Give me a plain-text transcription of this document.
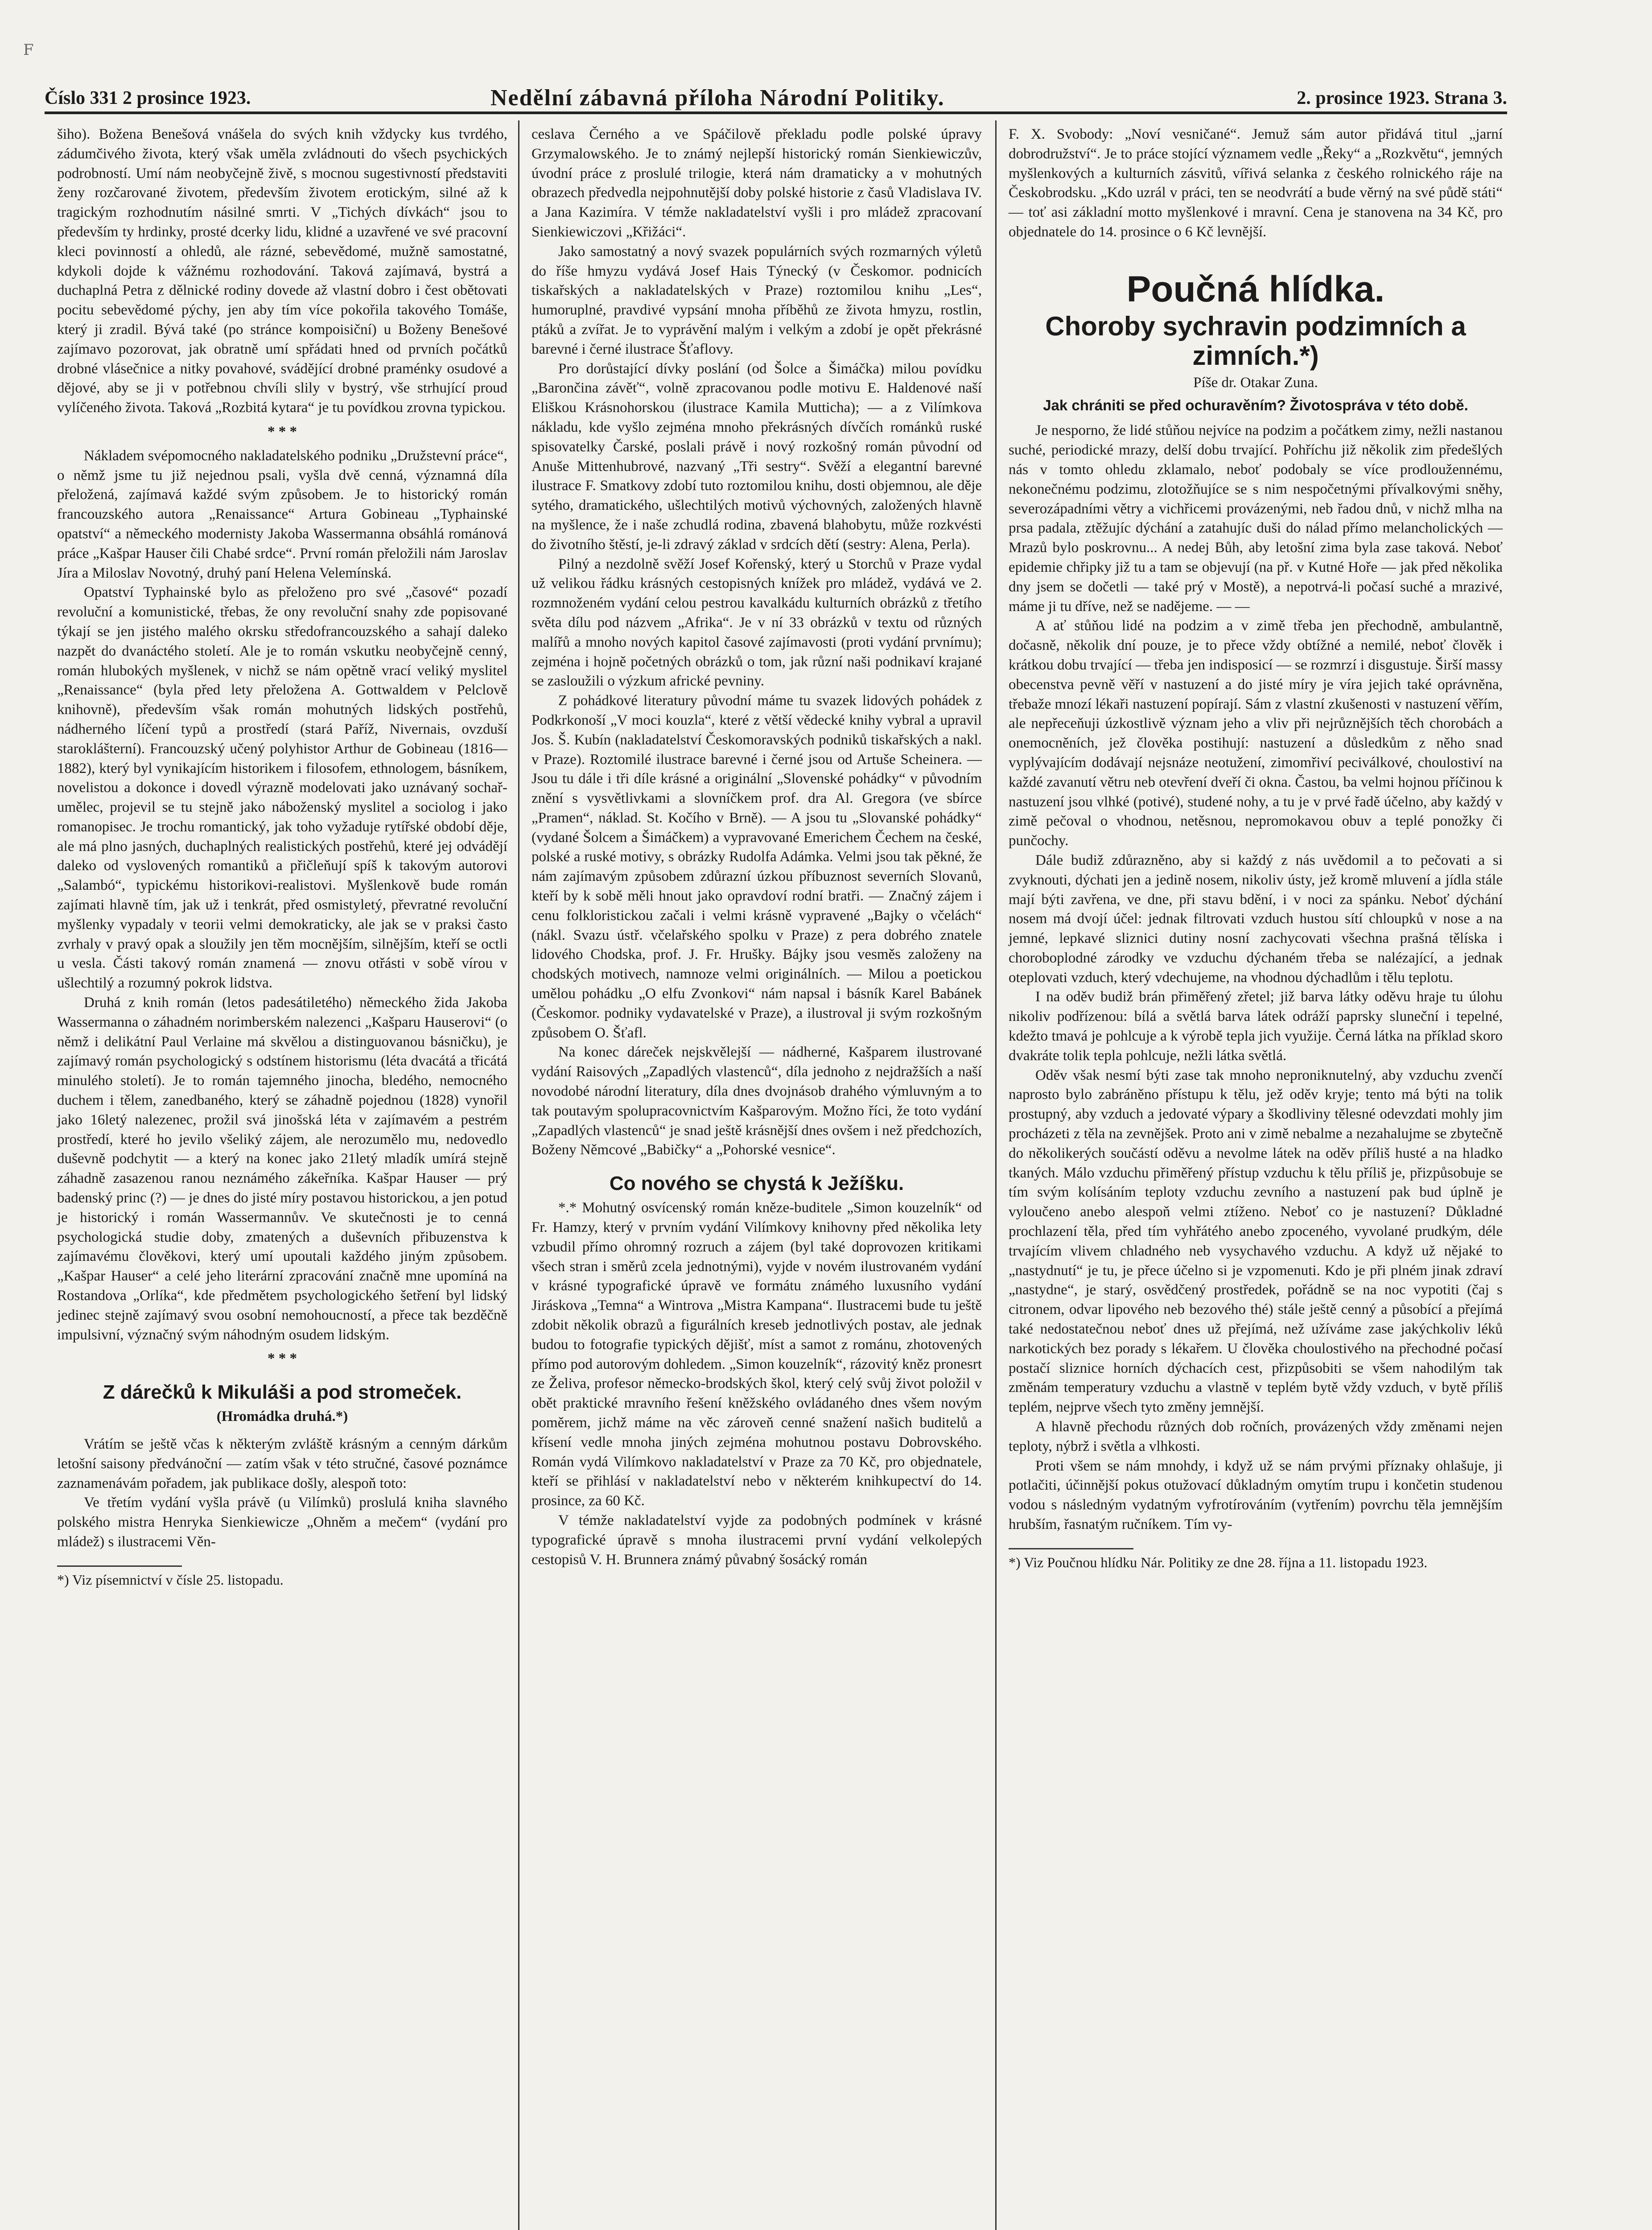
F
Číslo 331 2 prosince 1923.	Nedělní zábavná příloha Národní Politiky.	2. prosince 1923. Strana 3.

šiho). Božena Benešová vnášela do svých knih vždycky kus tvrdého, zádumčivého života, který však uměla zvládnouti do všech psychických podrobností. Umí nám neobyčejně živě, s mocnou sugestivností představiti ženy rozčarované životem, především životem erotickým, silné až k tragickým rozhodnutím násilné smrti. V „Tichých dívkách“ jsou to především ty hrdinky, prosté dcerky lidu, klidné a uzavřené ve své pracovní kleci povinností a ohledů, ale rázné, sebevědomé, mužně samostatné, kdykoli dojde k vážnému rozhodování. Taková zajímavá, bystrá a duchaplná Petra z dělnické rodiny dovede až vlastní dobro i čest obětovati pocitu sebevědomé pýchy, jen aby tím více pokořila takového Tomáše, který ji zradil. Bývá také (po stránce kompoisiční) u Boženy Benešové zajímavo pozorovat, jak obratně umí spřádati hned od prvních počátků drobné vlásečnice a nitky povahové, svádějící drobné praménky osudové a dějové, aby se ji v potřebnou chvíli slily v bystrý, vše strhující proud vylíčeného života. Taková „Rozbitá kytara“ je tu povídkou zrovna typickou.

* * *

Nákladem svépomocného nakladatelského podniku „Družstevní práce“, o němž jsme tu již nejednou psali, vyšla dvě cenná, významná díla přeložená, zajímavá každé svým způsobem. Je to historický román francouzského autora „Renaissance“ Artura Gobineau „Typhainské opatství“ a německého modernisty Jakoba Wassermanna obsáhlá románová práce „Kašpar Hauser čili Chabé srdce“. První román přeložili nám Jaroslav Jíra a Miloslav Novotný, druhý paní Helena Velemínská.

Opatství Typhainské bylo as přeloženo pro své „časové“ pozadí revoluční a komunistické, třebas, že ony revoluční snahy zde popisované týkají se jen jistého malého okrsku středofrancouzského a sahají daleko nazpět do dvanáctého století. Ale je to román vskutku neobyčejně cenný, román hlubokých myšlenek, v nichž se nám opětně vrací veliký myslitel „Renaissance“ (byla před lety přeložena A. Gottwaldem v Pelclově knihovně), především však román mohutných lidských postřehů, nádherného líčení typů a prostředí (stará Paříž, Nivernais, ovzduší staroklášterní). Francouzský učený polyhistor Arthur de Gobineau (1816—1882), který byl vynikajícím historikem i filosofem, ethnologem, básníkem, novelistou a dokonce i dovedl výrazně modelovati jako uznávaný sochař-umělec, projevil se tu stejně jako náboženský myslitel a sociolog i jako romanopisec. Je trochu romantický, jak toho vyžaduje rytířské období děje, ale má plno jasných, duchaplných realistických postřehů, které jej odvádějí daleko od vyslovených romantiků a přičleňují spíš k takovým autorovi „Salambó“, typickému historikovi-realistovi. Myšlenkově bude román zajímati hlavně tím, jak už i tenkrát, před osmistyletý, převratné revoluční myšlenky vypadaly v teorii velmi demokraticky, ale jak se v praksi často zvrhaly v pravý opak a sloužily jen těm mocnějším, silnějším, kteří se octli u vesla. Části takový román znamená — znovu otřásti v sobě vírou v ušlechtilý a rozumný pokrok lidstva.

Druhá z knih román (letos padesátiletého) německého žida Jakoba Wassermanna o záhadném norimberském nalezenci „Kašparu Hauserovi“ (o němž i delikátní Paul Verlaine má skvělou a distinguovanou básničku), je zajímavý román psychologický s odstínem historismu (léta dvacátá a třicátá minulého století). Je to román tajemného jinocha, bledého, nemocného duchem i tělem, zanedbaného, který se záhadně pojednou (1828) vynořil jako 16letý nalezenec, prožil svá jinošská léta v zajímavém a pestrém prostředí, které ho jevilo všeliký zájem, ale nerozumělo mu, nedovedlo duševně podchytit — a který na konec jako 21letý mladík umírá stejně záhadně zasazenou ranou neznámého zákeřníka. Kašpar Hauser — prý badenský princ (?) — je dnes do jisté míry postavou historickou, a jen potud je historický i román Wassermannův. Ve skutečnosti je to cenná psychologická studie doby, zmatených a duševních přibuzenstva k zajímavému člověkovi, který umí upoutali každého jiným způsobem. „Kašpar Hauser“ a celé jeho literární zpracování značně mne upomíná na Rostandova „Orlíka“, kde předmětem psychologického šetření byl lidský jedinec stejně zajímavý svou osobní nemohoucností, a přece tak bezděčně impulsivní, význačný svým náhodným osudem lidským.

* * *
Z dárečků k Mikuláši a pod stromeček.
(Hromádka druhá.*)

Vrátím se ještě včas k některým zvláště krásným a cenným dárkům letošní saisony předvánoční — zatím však v této stručné, časové poznámce zaznamenávám pořadem, jak publikace došly, alespoň toto:

Ve třetím vydání vyšla právě (u Vilímků) proslulá kniha slavného polského mistra Henryka Sienkiewicze „Ohněm a mečem“ (vydání pro mládež) s ilustracemi Věn-

*) Viz písemnictví v čísle 25. listopadu.

ceslava Černého a ve Spáčilově překladu podle polské úpravy Grzymalowského. Je to známý nejlepší historický román Sienkiewiczův, úvodní práce z proslulé trilogie, která nám dramaticky a v mohutných obrazech předvedla nejpohnutější doby polské historie z časů Vladislava IV. a Jana Kazimíra. V témže nakladatelství vyšli i pro mládež zpracovaní Sienkiewiczovi „Křižáci“.

Jako samostatný a nový svazek populárních svých rozmarných výletů do říše hmyzu vydává Josef Hais Týnecký (v Českomor. podnicích tiskařských a nakladatelských v Praze) roztomilou knihu „Les“, humoruplné, pravdivé vypsání mnoha příběhů ze života hmyzu, rostlin, ptáků a zvířat. Je to vyprávění malým i velkým a zdobí je opět překrásné barevné i černé ilustrace Šťaflovy.

Pro dorůstající dívky poslání (od Šolce a Šimáčka) milou povídku „Barončina závěť“, volně zpracovanou podle motivu E. Haldenové naší Eliškou Krásnohorskou (ilustrace Kamila Mutticha); — a z Vilímkova nákladu, kde vyšlo zejména mnoho překrásných dívčích románků ruské spisovatelky Čarské, poslali právě i nový rozkošný román původní od Anuše Mittenhubrové, nazvaný „Tři sestry“. Svěží a elegantní barevné ilustrace F. Smatkovy zdobí tuto roztomilou knihu, dosti objemnou, ale děje sytého, dramatického, ušlechtilých motivů výchovných, založených hlavně na myšlence, že i naše zchudlá rodina, zbavená blahobytu, může rozkvésti do životního štěstí, je-li zdravý základ v srdcích dětí (sestry: Alena, Perla).

Pilný a nezdolně svěží Josef Kořenský, který u Storchů v Praze vydal už velikou řádku krásných cestopisných knížek pro mládež, vydává ve 2. rozmnoženém vydání celou pestrou kavalkádu kulturních obrázků z třetího světa dílu pod názvem „Afrika“. Je v ní 33 obrázků v textu od různých malířů a mnoho nových kapitol časové zajímavosti (proti vydání prvnímu); zejména i hojně početných obrázků o tom, jak různí naši podnikaví krajané se zasloužili o výzkum africké pevniny.

Z pohádkové literatury původní máme tu svazek lidových pohádek z Podkrkonoší „V moci kouzla“, které z větší vědecké knihy vybral a upravil Jos. Š. Kubín (nakladatelství Českomoravských podniků tiskařských a nakl. v Praze). Roztomilé ilustrace barevné i černé jsou od Artuše Scheinera. — Jsou tu dále i tři díle krásné a originální „Slovenské pohádky“ v původním znění s vysvětlivkami a slovníčkem prof. dra Al. Gregora (ve sbírce „Pramen“, náklad. St. Kočího v Brně). — A jsou tu „Slovanské pohádky“ (vydané Šolcem a Šimáčkem) a vypravované Emerichem Čechem na české, polské a ruské motivy, s obrázky Rudolfa Adámka. Velmi jsou tak pěkné, že nám zajímavým způsobem zdůrazní úzkou příbuznost severních Slovanů, kteří by k sobě měli hnout jako opravdoví rodní bratři. — Značný zájem i cenu folkloristickou začali i velmi krásně vypravené „Bajky o včelách“ (nákl. Svazu ústř. včelařského spolku v Praze) z pera dobrého znatele lidového Chodska, prof. J. Fr. Hrušky. Bájky jsou vesměs založeny na chodských motivech, namnoze velmi originálních. — Milou a poetickou umělou pohádku „O elfu Zvonkovi“ nám napsal i básník Karel Babánek (Českomor. podniky vydavatelské v Praze), a ilustroval ji svým rozkošným způsobem O. Šťafl.

Na konec dáreček nejskvělejší — nádherné, Kašparem ilustrované vydání Raisových „Zapadlých vlastenců“, díla jednoho z nejdražších a naší novodobé národní literatury, díla dnes dvojnásob drahého výmluvným a to tak poutavým spolupracovnictvím Kašparovým. Možno říci, že toto vydání „Zapadlých vlastenců“ je snad ještě krásnější dnes ovšem i než předchozích, Boženy Němcové „Babičky“ a „Pohorské vesnice“.

Co nového se chystá k Ježíšku.

*.* Mohutný osvícenský román kněze-buditele „Simon kouzelník“ od Fr. Hamzy, který v prvním vydání Vilímkovy knihovny před několika lety vzbudil přímo ohromný rozruch a zájem (byl také doprovozen kritikami všech stran i směrů zcela jednotnými), vyjde v novém ilustrovaném vydání v krásné typografické úpravě ve formátu známého luxusního vydání Jiráskova „Temna“ a Wintrova „Mistra Kampana“. Ilustracemi bude tu ještě zdobit několik obrazů a figurálních kreseb jednotlivých postav, ale jednak budou to fotografie typických dějišť, míst a samot z románu, zhotovených přímo pod autorovým dohledem. „Simon kouzelník“, rázovitý kněz pronesrt ze Želiva, profesor německo-brodských škol, který celý svůj život položil v obět praktické mravního řešení kněžského ovládaného dnes všem novým poměrem, jichž máme na věc zároveň cenné snažení našich buditelů a křísení vedle mnoha jiných zejména mohutnou postavu Dobrovského. Román vydá Vilímkovo nakladatelství v Praze za 70 Kč, pro objednatele, kteří se přihlásí v nakladatelství nebo v některém knihkupectví do 14. prosince, za 60 Kč.

V témže nakladatelství vyjde za podobných podmínek v krásné typografické úpravě s mnoha ilustracemi první vydání velkolepých cestopisů V. H. Brunnera známý půvabný šosácký román

F. X. Svobody: „Noví vesničané“. Jemuž sám autor přidává titul „jarní dobrodružství“. Je to práce stojící významem vedle „Řeky“ a „Rozkvětu“, jemných myšlenkových a kulturních zásvitů, vířivá selanka z českého rolnického ráje na Českobrodsku. „Kdo uzrál v práci, ten se neodvrátí a bude věrný na své půdě státi“ — toť asi základní motto myšlenkové i mravní. Cena je stanovena na 34 Kč, pro objednatele do 14. prosince o 6 Kč levnější.

Poučná hlídka.
Choroby sychravin podzimních a zimních.*)
Píše dr. Otakar Zuna.
Jak chrániti se před ochuravěním? Životospráva v této době.

Je nesporno, že lidé stůňou nejvíce na podzim a počátkem zimy, nežli nastanou suché, periodické mrazy, delší dobu trvající. Pohříchu již několik zim předešlých nás v tomto ohledu zklamalo, neboť podobaly se více prodloužennému, nekonečnému podzimu, zlotožňujíce se s nim nespočetnými přívalkovými sněhy, severozápadními větry a vichřicemi provázenými, neb řadou dnů, v nichž mlha na prsa padala, ztěžujíc dýchání a zatahujíc duši do nálad přímo melancholických — Mrazů bylo poskrovnu... A nedej Bůh, aby letošní zima byla zase taková. Neboť epidemie chřipky již tu a tam se objevují (na př. v Kutné Hoře — jak před několika dny jsem se dočetli — také prý v Mostě), a nepotrvá-li počasí suché a mrazivé, máme ji tu dříve, než se nadějeme. — —

A ať stůňou lidé na podzim a v zimě třeba jen přechodně, ambulantně, dočasně, několik dní pouze, je to přece vždy obtížné a nemilé, neboť člověk i krátkou dobu trvající — třeba jen indisposicí — se rozmrzí i disgustuje. Širší massy obecenstva pevně věří v nastuzení a do jisté míry je víra jejich také oprávněna, třebaže mnozí lékaři nastuzení popírají. Sám z vlastní zkušenosti v nastuzení věřím, ale nepřeceňuji úzkostlivě význam jeho a vliv při nejrůznějších těch chorobách a onemocněních, jež člověka postihují: nastuzení a důsledkům z něho snad vyplývajícím dodávají nejsnáze neotužení, zimomřiví peciválkové, choulostiví na každé zavanutí větru neb otevření dveří či okna. Častou, ba velmi hojnou příčinou k nastuzení jsou vlhké (potivé), studené nohy, a tu je v prvé řadě účelno, aby každý v zimě pečoval o vhodnou, netěsnou, nepromokavou obuv a teplé ponožky či punčochy.

Dále budiž zdůrazněno, aby si každý z nás uvědomil a to pečovati a si zvyknouti, dýchati jen a jedině nosem, nikoliv ústy, jež kromě mluvení a jídla stále mají býti zavřena, ve dne, při stavu bdění, i v noci za spánku. Neboť dýchání nosem má dvojí účel: jednak filtrovati vzduch hustou sítí chloupků v nose a na jemné, lepkavé sliznici dutiny nosní zachycovati všechna prašná tělíska i choroboplodné zárodky ve vzduchu dýchaném třeba se nalézající, a jednak oteplovati vzduch, který vdechujeme, na vhodnou dýchadlům i tělu teplotu.

I na oděv budiž brán přiměřený zřetel; již barva látky oděvu hraje tu úlohu nikoliv podřízenou: bílá a světlá barva látek odráží paprsky sluneční i tepelné, kdežto tmavá je pohlcuje a k výrobě tepla jich využije. Černá látka na příklad skoro dvakráte tolik tepla pohlcuje, nežli látka světlá.

Oděv však nesmí býti zase tak mnoho neproniknutelný, aby vzduchu zvenčí naprosto bylo zabráněno přístupu k tělu, jež oděv kryje; tento má býti na tolik prostupný, aby vzduch a jedovaté výpary a škodliviny tělesné odevzdati mohly jim procházeti z těla na zevnějšek. Proto ani v zimě nebalme a nezahalujme se zbytečně do několikerých součástí oděvu a nevolme látek na oděv příliš husté a na hladko tkaných. Málo vzduchu přiměřený přístup vzduchu k tělu příliš je, přizpůsobuje se tím svým kolísáním teploty vzduchu zevního a nastuzení pak bud úplně je vyloučeno anebo alespoň velmi ztíženo. Neboť co je nastuzení? Důkladné prochlazení těla, před tím vyhřátého anebo zpoceného, vyvolané prudkým, déle trvajícím vlivem chladného neb vysychavého vzduchu. A když už nějaké to „nastydnutí“ je tu, je přece účelno si je vzpomenuti. Kdo je při plném jinak zdraví „nastydne“, je starý, osvědčený prostředek, pořádně se na noc vypotiti (čaj s citronem, odvar lipového neb bezového thé) stále ještě cenný a působící a přejímá také nedostatečnou neboť dnes už přejímá, než užíváme zase jakýchkoliv léků narkotických bez porady s lékařem. U člověka choulostivého na přechodné počasí postačí sliznice horních dýchacích cest, přizpůsobiti se všem nahodilým tak změnám temperatury vzduchu a vlastně v teplém bytě vždy vzduch, v bytě příliš teplém, nejprve všech tyto změny jemnější.

A hlavně přechodu různých dob ročních, provázených vždy změnami nejen teploty, nýbrž i světla a vlhkosti.

Proti všem se nám mnohdy, i když už se nám prvými příznaky ohlašuje, ji potlačiti, účinnější pokus otužovací důkladným omytím trupu i končetin studenou vodou s následným vydatným vyfrotírováním (vytřením) povrchu těla jemnějším hrubším, řasnatým ručníkem. Tím vy-

*) Viz Poučnou hlídku Nár. Politiky ze dne 28. října a 11. listopadu 1923.
